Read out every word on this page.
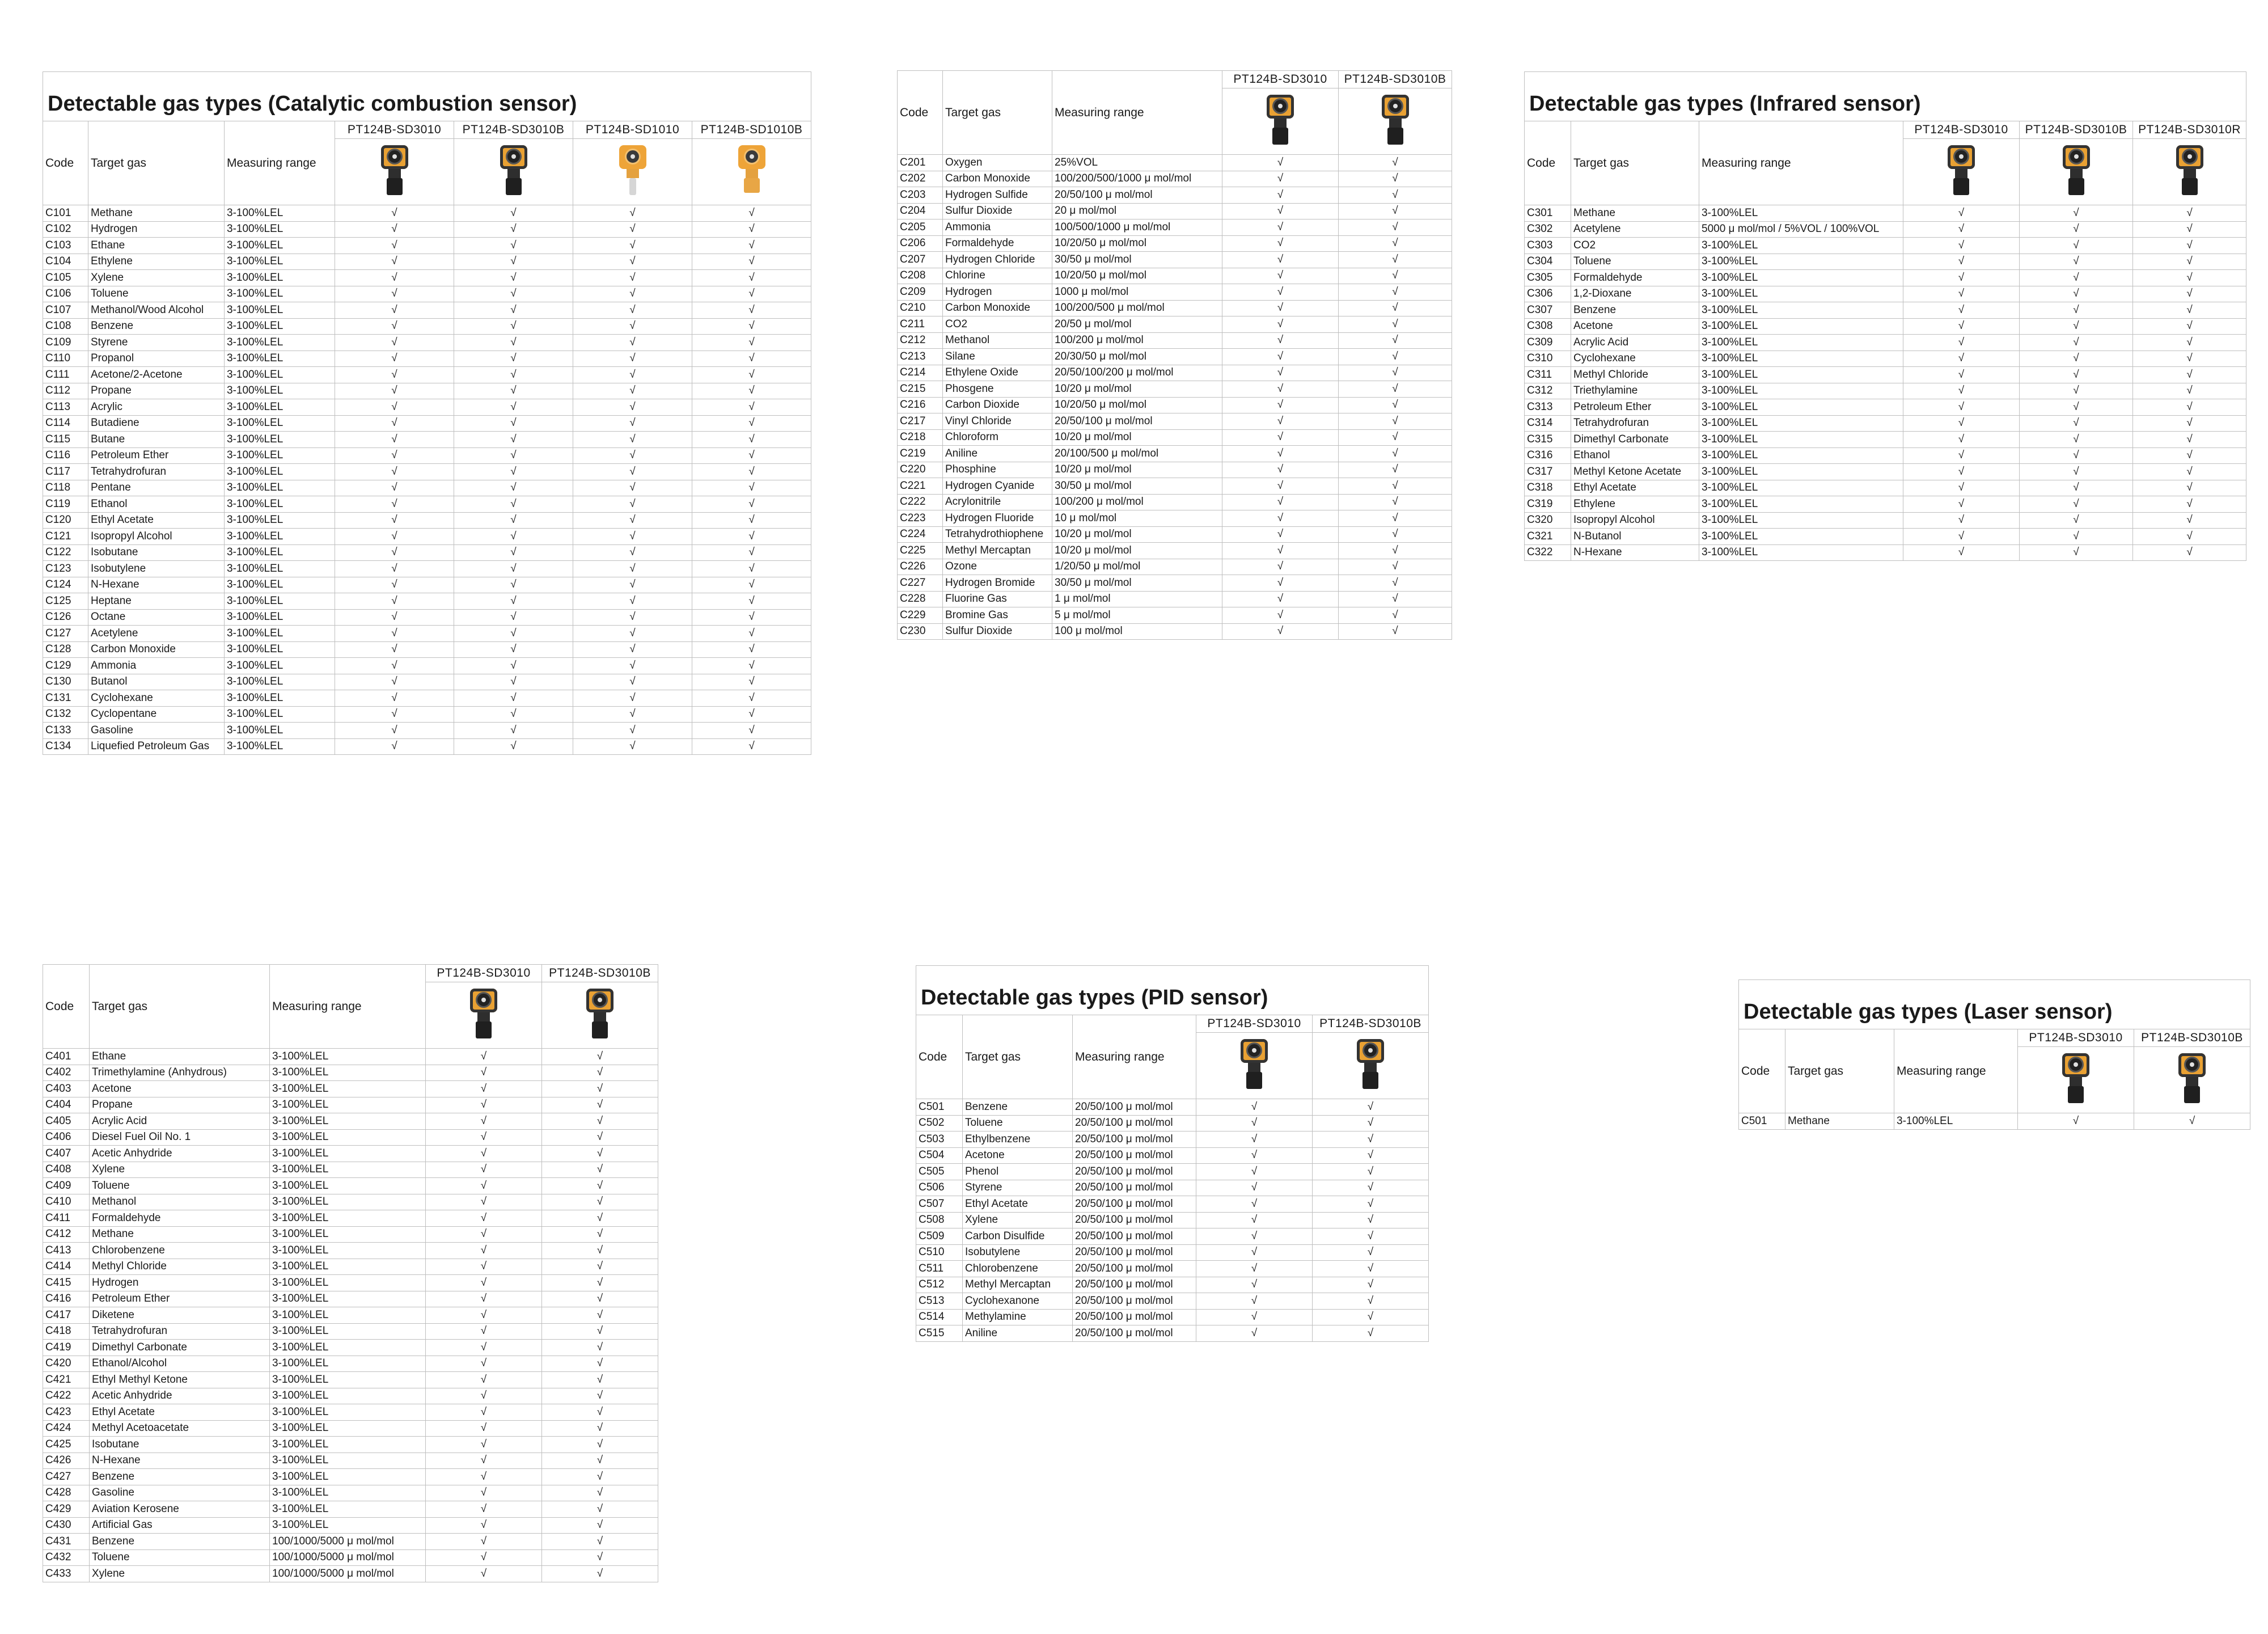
Detectable gas types (Catalytic combustion sensor)						
Code	Target gas	Measuring range	PT124B-SD3010	PT124B-SD3010B	PT124B-SD1010	PT124B-SD1010B

C101	Methane	3-100%LEL	√	√	√	√
C102	Hydrogen	3-100%LEL	√	√	√	√
C103	Ethane	3-100%LEL	√	√	√	√
C104	Ethylene	3-100%LEL	√	√	√	√
C105	Xylene	3-100%LEL	√	√	√	√
C106	Toluene	3-100%LEL	√	√	√	√
C107	Methanol/Wood Alcohol	3-100%LEL	√	√	√	√
C108	Benzene	3-100%LEL	√	√	√	√
C109	Styrene	3-100%LEL	√	√	√	√
C110	Propanol	3-100%LEL	√	√	√	√
C111	Acetone/2-Acetone	3-100%LEL	√	√	√	√
C112	Propane	3-100%LEL	√	√	√	√
C113	Acrylic	3-100%LEL	√	√	√	√
C114	Butadiene	3-100%LEL	√	√	√	√
C115	Butane	3-100%LEL	√	√	√	√
C116	Petroleum Ether	3-100%LEL	√	√	√	√
C117	Tetrahydrofuran	3-100%LEL	√	√	√	√
C118	Pentane	3-100%LEL	√	√	√	√
C119	Ethanol	3-100%LEL	√	√	√	√
C120	Ethyl Acetate	3-100%LEL	√	√	√	√
C121	Isopropyl Alcohol	3-100%LEL	√	√	√	√
C122	Isobutane	3-100%LEL	√	√	√	√
C123	Isobutylene	3-100%LEL	√	√	√	√
C124	N-Hexane	3-100%LEL	√	√	√	√
C125	Heptane	3-100%LEL	√	√	√	√
C126	Octane	3-100%LEL	√	√	√	√
C127	Acetylene	3-100%LEL	√	√	√	√
C128	Carbon Monoxide	3-100%LEL	√	√	√	√
C129	Ammonia	3-100%LEL	√	√	√	√
C130	Butanol	3-100%LEL	√	√	√	√
C131	Cyclohexane	3-100%LEL	√	√	√	√
C132	Cyclopentane	3-100%LEL	√	√	√	√
C133	Gasoline	3-100%LEL	√	√	√	√
C134	Liquefied Petroleum Gas	3-100%LEL	√	√	√	√
Code	Target gas	Measuring range	PT124B-SD3010	PT124B-SD3010B

C201	Oxygen	25%VOL	√	√
C202	Carbon Monoxide	100/200/500/1000 μ mol/mol	√	√
C203	Hydrogen Sulfide	20/50/100 μ mol/mol	√	√
C204	Sulfur Dioxide	20 μ mol/mol	√	√
C205	Ammonia	100/500/1000 μ mol/mol	√	√
C206	Formaldehyde	10/20/50 μ mol/mol	√	√
C207	Hydrogen Chloride	30/50 μ mol/mol	√	√
C208	Chlorine	10/20/50 μ mol/mol	√	√
C209	Hydrogen	1000 μ mol/mol	√	√
C210	Carbon Monoxide	100/200/500 μ mol/mol	√	√
C211	CO2	20/50 μ mol/mol	√	√
C212	Methanol	100/200 μ mol/mol	√	√
C213	Silane	20/30/50 μ mol/mol	√	√
C214	Ethylene Oxide	20/50/100/200 μ mol/mol	√	√
C215	Phosgene	10/20 μ mol/mol	√	√
C216	Carbon Dioxide	10/20/50 μ mol/mol	√	√
C217	Vinyl Chloride	20/50/100 μ mol/mol	√	√
C218	Chloroform	10/20 μ mol/mol	√	√
C219	Aniline	20/100/500 μ mol/mol	√	√
C220	Phosphine	10/20 μ mol/mol	√	√
C221	Hydrogen Cyanide	30/50 μ mol/mol	√	√
C222	Acrylonitrile	100/200 μ mol/mol	√	√
C223	Hydrogen Fluoride	10 μ mol/mol	√	√
C224	Tetrahydrothiophene	10/20 μ mol/mol	√	√
C225	Methyl Mercaptan	10/20 μ mol/mol	√	√
C226	Ozone	1/20/50 μ mol/mol	√	√
C227	Hydrogen Bromide	30/50 μ mol/mol	√	√
C228	Fluorine Gas	1 μ mol/mol	√	√
C229	Bromine Gas	5 μ mol/mol	√	√
C230	Sulfur Dioxide	100 μ mol/mol	√	√
Detectable gas types (Infrared sensor)					
Code	Target gas	Measuring range	PT124B-SD3010	PT124B-SD3010B	PT124B-SD3010R

C301	Methane	3-100%LEL	√	√	√
C302	Acetylene	5000 μ mol/mol / 5%VOL / 100%VOL	√	√	√
C303	CO2	3-100%LEL	√	√	√
C304	Toluene	3-100%LEL	√	√	√
C305	Formaldehyde	3-100%LEL	√	√	√
C306	1,2-Dioxane	3-100%LEL	√	√	√
C307	Benzene	3-100%LEL	√	√	√
C308	Acetone	3-100%LEL	√	√	√
C309	Acrylic Acid	3-100%LEL	√	√	√
C310	Cyclohexane	3-100%LEL	√	√	√
C311	Methyl Chloride	3-100%LEL	√	√	√
C312	Triethylamine	3-100%LEL	√	√	√
C313	Petroleum Ether	3-100%LEL	√	√	√
C314	Tetrahydrofuran	3-100%LEL	√	√	√
C315	Dimethyl Carbonate	3-100%LEL	√	√	√
C316	Ethanol	3-100%LEL	√	√	√
C317	Methyl Ketone Acetate	3-100%LEL	√	√	√
C318	Ethyl Acetate	3-100%LEL	√	√	√
C319	Ethylene	3-100%LEL	√	√	√
C320	Isopropyl Alcohol	3-100%LEL	√	√	√
C321	N-Butanol	3-100%LEL	√	√	√
C322	N-Hexane	3-100%LEL	√	√	√
Code	Target gas	Measuring range	PT124B-SD3010	PT124B-SD3010B

C401	Ethane	3-100%LEL	√	√
C402	Trimethylamine (Anhydrous)	3-100%LEL	√	√
C403	Acetone	3-100%LEL	√	√
C404	Propane	3-100%LEL	√	√
C405	Acrylic Acid	3-100%LEL	√	√
C406	Diesel Fuel Oil No. 1	3-100%LEL	√	√
C407	Acetic Anhydride	3-100%LEL	√	√
C408	Xylene	3-100%LEL	√	√
C409	Toluene	3-100%LEL	√	√
C410	Methanol	3-100%LEL	√	√
C411	Formaldehyde	3-100%LEL	√	√
C412	Methane	3-100%LEL	√	√
C413	Chlorobenzene	3-100%LEL	√	√
C414	Methyl Chloride	3-100%LEL	√	√
C415	Hydrogen	3-100%LEL	√	√
C416	Petroleum Ether	3-100%LEL	√	√
C417	Diketene	3-100%LEL	√	√
C418	Tetrahydrofuran	3-100%LEL	√	√
C419	Dimethyl Carbonate	3-100%LEL	√	√
C420	Ethanol/Alcohol	3-100%LEL	√	√
C421	Ethyl Methyl Ketone	3-100%LEL	√	√
C422	Acetic Anhydride	3-100%LEL	√	√
C423	Ethyl Acetate	3-100%LEL	√	√
C424	Methyl Acetoacetate	3-100%LEL	√	√
C425	Isobutane	3-100%LEL	√	√
C426	N-Hexane	3-100%LEL	√	√
C427	Benzene	3-100%LEL	√	√
C428	Gasoline	3-100%LEL	√	√
C429	Aviation Kerosene	3-100%LEL	√	√
C430	Artificial Gas	3-100%LEL	√	√
C431	Benzene	100/1000/5000 μ mol/mol	√	√
C432	Toluene	100/1000/5000 μ mol/mol	√	√
C433	Xylene	100/1000/5000 μ mol/mol	√	√
Detectable gas types (PID sensor)				
Code	Target gas	Measuring range	PT124B-SD3010	PT124B-SD3010B

C501	Benzene	20/50/100 μ mol/mol	√	√
C502	Toluene	20/50/100 μ mol/mol	√	√
C503	Ethylbenzene	20/50/100 μ mol/mol	√	√
C504	Acetone	20/50/100 μ mol/mol	√	√
C505	Phenol	20/50/100 μ mol/mol	√	√
C506	Styrene	20/50/100 μ mol/mol	√	√
C507	Ethyl Acetate	20/50/100 μ mol/mol	√	√
C508	Xylene	20/50/100 μ mol/mol	√	√
C509	Carbon Disulfide	20/50/100 μ mol/mol	√	√
C510	Isobutylene	20/50/100 μ mol/mol	√	√
C511	Chlorobenzene	20/50/100 μ mol/mol	√	√
C512	Methyl Mercaptan	20/50/100 μ mol/mol	√	√
C513	Cyclohexanone	20/50/100 μ mol/mol	√	√
C514	Methylamine	20/50/100 μ mol/mol	√	√
C515	Aniline	20/50/100 μ mol/mol	√	√
Detectable gas types (Laser sensor)				
Code	Target gas	Measuring range	PT124B-SD3010	PT124B-SD3010B

C501	Methane	3-100%LEL	√	√
